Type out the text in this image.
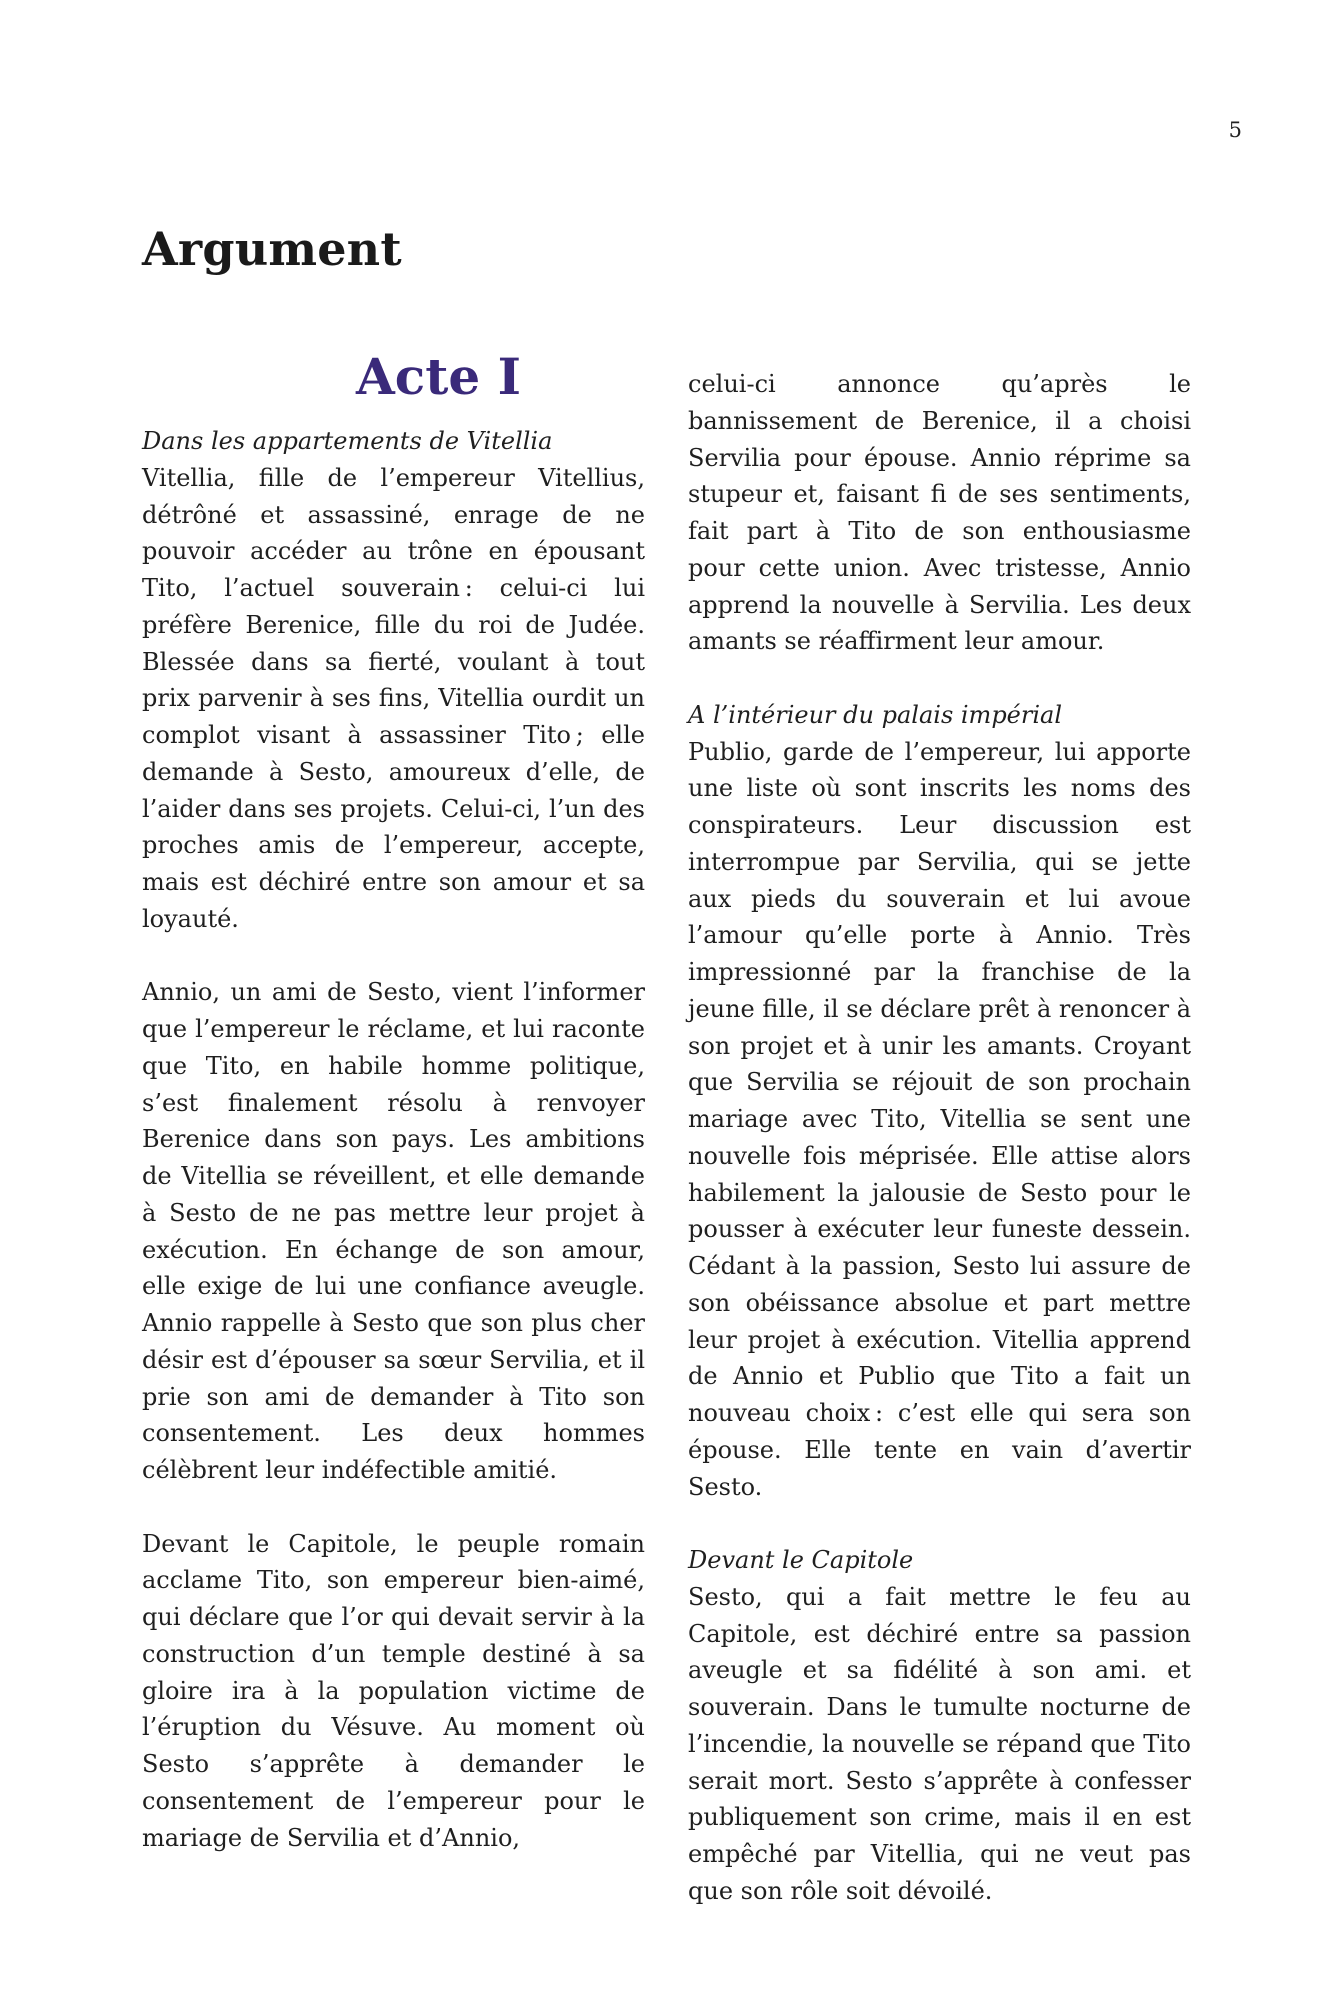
5
Argument
Acte I

Dans les appartements de Vitellia

Vitellia, fille de l’empereur Vitellius, détrôné et assassiné, enrage de ne pouvoir accéder au trône en épousant Tito, l’actuel souverain : celui-ci lui préfère Berenice, fille du roi de Judée. Blessée dans sa fierté, voulant à tout prix parvenir à ses fins, Vitellia ourdit un complot visant à assassiner Tito ; elle demande à Sesto, amoureux d’elle, de l’aider dans ses projets. Celui-ci, l’un des proches amis de l’empereur, accepte, mais est déchiré entre son amour et sa loyauté.

Annio, un ami de Sesto, vient l’informer que l’empereur le réclame, et lui raconte que Tito, en habile homme politique, s’est finalement résolu à renvoyer Berenice dans son pays. Les ambitions de Vitellia se réveillent, et elle demande à Sesto de ne pas mettre leur projet à exécution. En échange de son amour, elle exige de lui une confiance aveugle. Annio rappelle à Sesto que son plus cher désir est d’épouser sa sœur Servilia, et il prie son ami de demander à Tito son consentement. Les deux hommes célèbrent leur indéfectible amitié.

Devant le Capitole, le peuple romain acclame Tito, son empereur bien-aimé, qui déclare que l’or qui devait servir à la construction d’un temple destiné à sa gloire ira à la population victime de l’éruption du Vésuve. Au moment où Sesto s’apprête à demander le consentement de l’empereur pour le mariage de Servilia et d’Annio,

celui-ci annonce qu’après le bannissement de Berenice, il a choisi Servilia pour épouse. Annio réprime sa stupeur et, faisant fi de ses sentiments, fait part à Tito de son enthousiasme pour cette union. Avec tristesse, Annio apprend la nouvelle à Servilia. Les deux amants se réaffirment leur amour.

A l’intérieur du palais impérial

Publio, garde de l’empereur, lui apporte une liste où sont inscrits les noms des conspirateurs. Leur discussion est interrompue par Servilia, qui se jette aux pieds du souverain et lui avoue l’amour qu’elle porte à Annio. Très impressionné par la franchise de la jeune fille, il se déclare prêt à renoncer à son projet et à unir les amants. Croyant que Servilia se réjouit de son prochain mariage avec Tito, Vitellia se sent une nouvelle fois méprisée. Elle attise alors habilement la jalousie de Sesto pour le pousser à exécuter leur funeste dessein. Cédant à la passion, Sesto lui assure de son obéissance absolue et part mettre leur projet à exécution. Vitellia apprend de Annio et Publio que Tito a fait un nouveau choix : c’est elle qui sera son épouse. Elle tente en vain d’avertir Sesto.

Devant le Capitole

Sesto, qui a fait mettre le feu au Capitole, est déchiré entre sa passion aveugle et sa fidélité à son ami. et souverain. Dans le tumulte nocturne de l’incendie, la nouvelle se répand que Tito serait mort. Sesto s’apprête à confesser publiquement son crime, mais il en est empêché par Vitellia, qui ne veut pas que son rôle soit dévoilé.
